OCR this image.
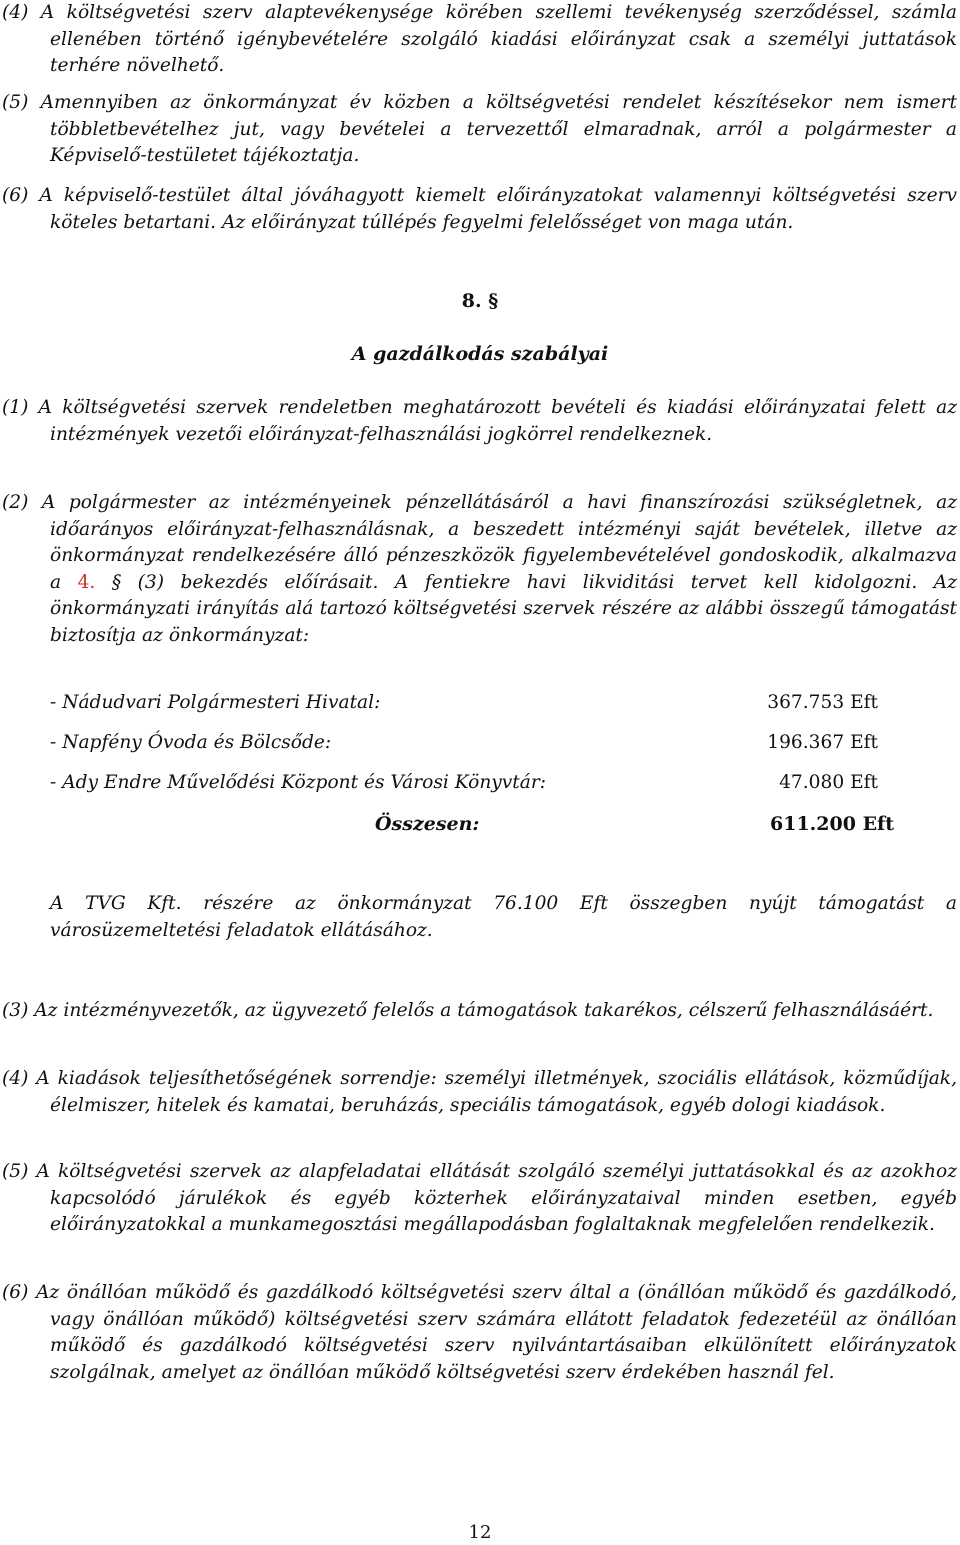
(4) A költségvetési szerv alaptevékenysége körében szellemi tevékenység szerződéssel, számla ellenében történő igénybevételére szolgáló kiadási előirányzat csak a személyi juttatások terhére növelhető.

(5) Amennyiben az önkormányzat év közben a költségvetési rendelet készítésekor nem ismert többletbevételhez jut, vagy bevételei a tervezettől elmaradnak, arról a polgármester a Képviselő-testületet tájékoztatja.

(6) A képviselő-testület által jóváhagyott kiemelt előirányzatokat valamennyi költségvetési szerv köteles betartani. Az előirányzat túllépés fegyelmi felelősséget von maga után.

8. §
A gazdálkodás szabályai

(1) A költségvetési szervek rendeletben meghatározott bevételi és kiadási előirányzatai felett az intézmények vezetői előirányzat-felhasználási jogkörrel rendelkeznek.

(2) A polgármester az intézményeinek pénzellátásáról a havi finanszírozási szükségletnek, az időarányos előirányzat-felhasználásnak, a beszedett intézményi saját bevételek, illetve az önkormányzat rendelkezésére álló pénzeszközök figyelembevételével gondoskodik, alkalmazva a 4. § (3) bekezdés előírásait. A fentiekre havi likviditási tervet kell kidolgozni. Az önkormányzati irányítás alá tartozó költségvetési szervek részére az alábbi összegű támogatást biztosítja az önkormányzat:

- Nádudvari Polgármesteri Hivatal:	367.753 Eft
- Napfény Óvoda és Bölcsőde:	196.367 Eft
- Ady Endre Művelődési Központ és Városi Könyvtár:	47.080 Eft
Összesen:	611.200 Eft

A TVG Kft. részére az önkormányzat 76.100 Eft összegben nyújt támogatást a városüzemeltetési feladatok ellátásához.

(3) Az intézményvezetők, az ügyvezető felelős a támogatások takarékos, célszerű felhasználásáért.

(4) A kiadások teljesíthetőségének sorrendje: személyi illetmények, szociális ellátások, közműdíjak, élelmiszer, hitelek és kamatai, beruházás, speciális támogatások, egyéb dologi kiadások.

(5) A költségvetési szervek az alapfeladatai ellátását szolgáló személyi juttatásokkal és az azokhoz kapcsolódó járulékok és egyéb közterhek előirányzataival minden esetben, egyéb előirányzatokkal a munkamegosztási megállapodásban foglaltaknak megfelelően rendelkezik.

(6) Az önállóan működő és gazdálkodó költségvetési szerv által a (önállóan működő és gazdálkodó, vagy önállóan működő) költségvetési szerv számára ellátott feladatok fedezetéül az önállóan működő és gazdálkodó költségvetési szerv nyilvántartásaiban elkülönített előirányzatok szolgálnak, amelyet az önállóan működő költségvetési szerv érdekében használ fel.

12
